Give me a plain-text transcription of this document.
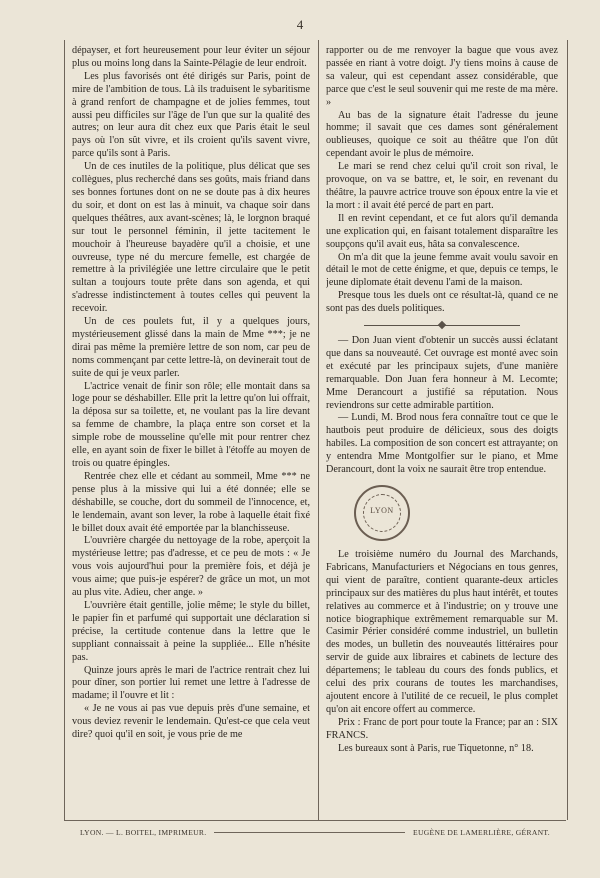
4

dépayser, et fort heureusement pour leur éviter un séjour plus ou moins long dans la Sainte-Pélagie de leur endroit.

Les plus favorisés ont été dirigés sur Paris, point de mire de l'ambition de tous. Là ils traduisent le sybaritisme à grand renfort de champagne et de jolies femmes, tout aussi peu difficiles sur l'âge de l'un que sur la qualité des autres; on leur aura dit chez eux que Paris était le seul pays où l'on sût vivre, et ils croient qu'ils savent vivre, parce qu'ils sont à Paris.

Un de ces inutiles de la politique, plus délicat que ses collègues, plus recherché dans ses goûts, mais friand dans ses bonnes fortunes dont on ne se doute pas à dix heures du soir, et dont on est las à minuit, va chaque soir dans quelques théâtres, aux avant-scènes; là, le lorgnon braqué sur tout le personnel féminin, il jette tacitement le mouchoir à l'heureuse bayadère qu'il a choisie, et une ouvreuse, type né du mercure femelle, est chargée de remettre à la privilégiée une lettre circulaire que le petit sultan a toujours toute prête dans son agenda, et qui s'adresse indistinctement à toutes celles qui peuvent la recevoir.

Un de ces poulets fut, il y a quelques jours, mystérieusement glissé dans la main de Mme ***; je ne dirai pas même la première lettre de son nom, car peu de noms commençant par cette lettre-là, on devinerait tout de suite de qui je veux parler.

L'actrice venait de finir son rôle; elle montait dans sa loge pour se déshabiller. Elle prit la lettre qu'on lui offrait, la déposa sur sa toilette, et, ne voulant pas la lire devant sa femme de chambre, la plaça entre son corset et la simple robe de mousseline qu'elle mit pour rentrer chez elle, en ayant soin de fixer le billet à l'étoffe au moyen de trois ou quatre épingles.

Rentrée chez elle et cédant au sommeil, Mme *** ne pense plus à la missive qui lui a été donnée; elle se déshabille, se couche, dort du sommeil de l'innocence, et, le lendemain, avant son lever, la robe à laquelle était fixé le billet doux avait été emportée par la blanchisseuse.

L'ouvrière chargée du nettoyage de la robe, aperçoit la mystérieuse lettre; pas d'adresse, et ce peu de mots : « Je vous vois aujourd'hui pour la première fois, et déjà je vous aime; que puis-je espérer? de grâce un mot, un mot au plus vite. Adieu, cher ange. »

L'ouvrière était gentille, jolie même; le style du billet, le papier fin et parfumé qui supportait une déclaration si précise, la certitude contenue dans la lettre que le suppliant connaissait à peine la suppliée... Elle n'hésite pas.

Quinze jours après le mari de l'actrice rentrait chez lui pour dîner, son portier lui remet une lettre à l'adresse de madame; il l'ouvre et lit :

« Je ne vous ai pas vue depuis près d'une semaine, et vous deviez revenir le lendemain. Qu'est-ce que cela veut dire? quoi qu'il en soit, je vous prie de me

rapporter ou de me renvoyer la bague que vous avez passée en riant à votre doigt. J'y tiens moins à cause de sa valeur, qui est cependant assez considérable, que parce que c'est le seul souvenir qui me reste de ma mère. »

Au bas de la signature était l'adresse du jeune homme; il savait que ces dames sont généralement oublieuses, quoique ce soit au théâtre que l'on dût cependant avoir le plus de mémoire.

Le mari se rend chez celui qu'il croit son rival, le provoque, on va se battre, et, le soir, en revenant du théâtre, la pauvre actrice trouve son époux entre la vie et la mort : il avait été percé de part en part.

Il en revint cependant, et ce fut alors qu'il demanda une explication qui, en faisant totalement disparaître les soupçons qu'il avait eus, hâta sa convalescence.

On m'a dit que la jeune femme avait voulu savoir en détail le mot de cette énigme, et que, depuis ce temps, le jeune diplomate était devenu l'ami de la maison.

Presque tous les duels ont ce résultat-là, quand ce ne sont pas des duels politiques.

— Don Juan vient d'obtenir un succès aussi éclatant que dans sa nouveauté. Cet ouvrage est monté avec soin et exécuté par les principaux sujets, d'une manière remarquable. Don Juan fera honneur à M. Lecomte; Mme Derancourt a justifié sa réputation. Nous reviendrons sur cette admirable partition.

— Lundi, M. Brod nous fera connaître tout ce que le hautbois peut produire de délicieux, sous des doigts habiles. La composition de son concert est attrayante; on y entendra Mme Montgolfier sur le piano, et Mme Derancourt, dont la voix ne saurait être trop entendue.

LYON

Le troisième numéro du Journal des Marchands, Fabricans, Manufacturiers et Négocians en tous genres, qui vient de paraître, contient quarante-deux articles principaux sur des matières du plus haut intérêt, et toutes relatives au commerce et à l'industrie; on y trouve une notice biographique extrêmement remarquable sur M. Casimir Périer considéré comme industriel, un bulletin des modes, un bulletin des nouveautés littéraires pour servir de guide aux libraires et cabinets de lecture des départemens; le tableau du cours des fonds publics, et celui des prix courans de toutes les marchandises, ajoutent encore à l'utilité de ce recueil, le plus complet qu'on ait encore offert au commerce.

Prix : Franc de port pour toute la France; par an : SIX FRANCS.

Les bureaux sont à Paris, rue Tiquetonne, n° 18.

LYON. — L. BOITEL, IMPRIMEUR.	EUGÈNE DE LAMERLIÈRE, GÉRANT.
